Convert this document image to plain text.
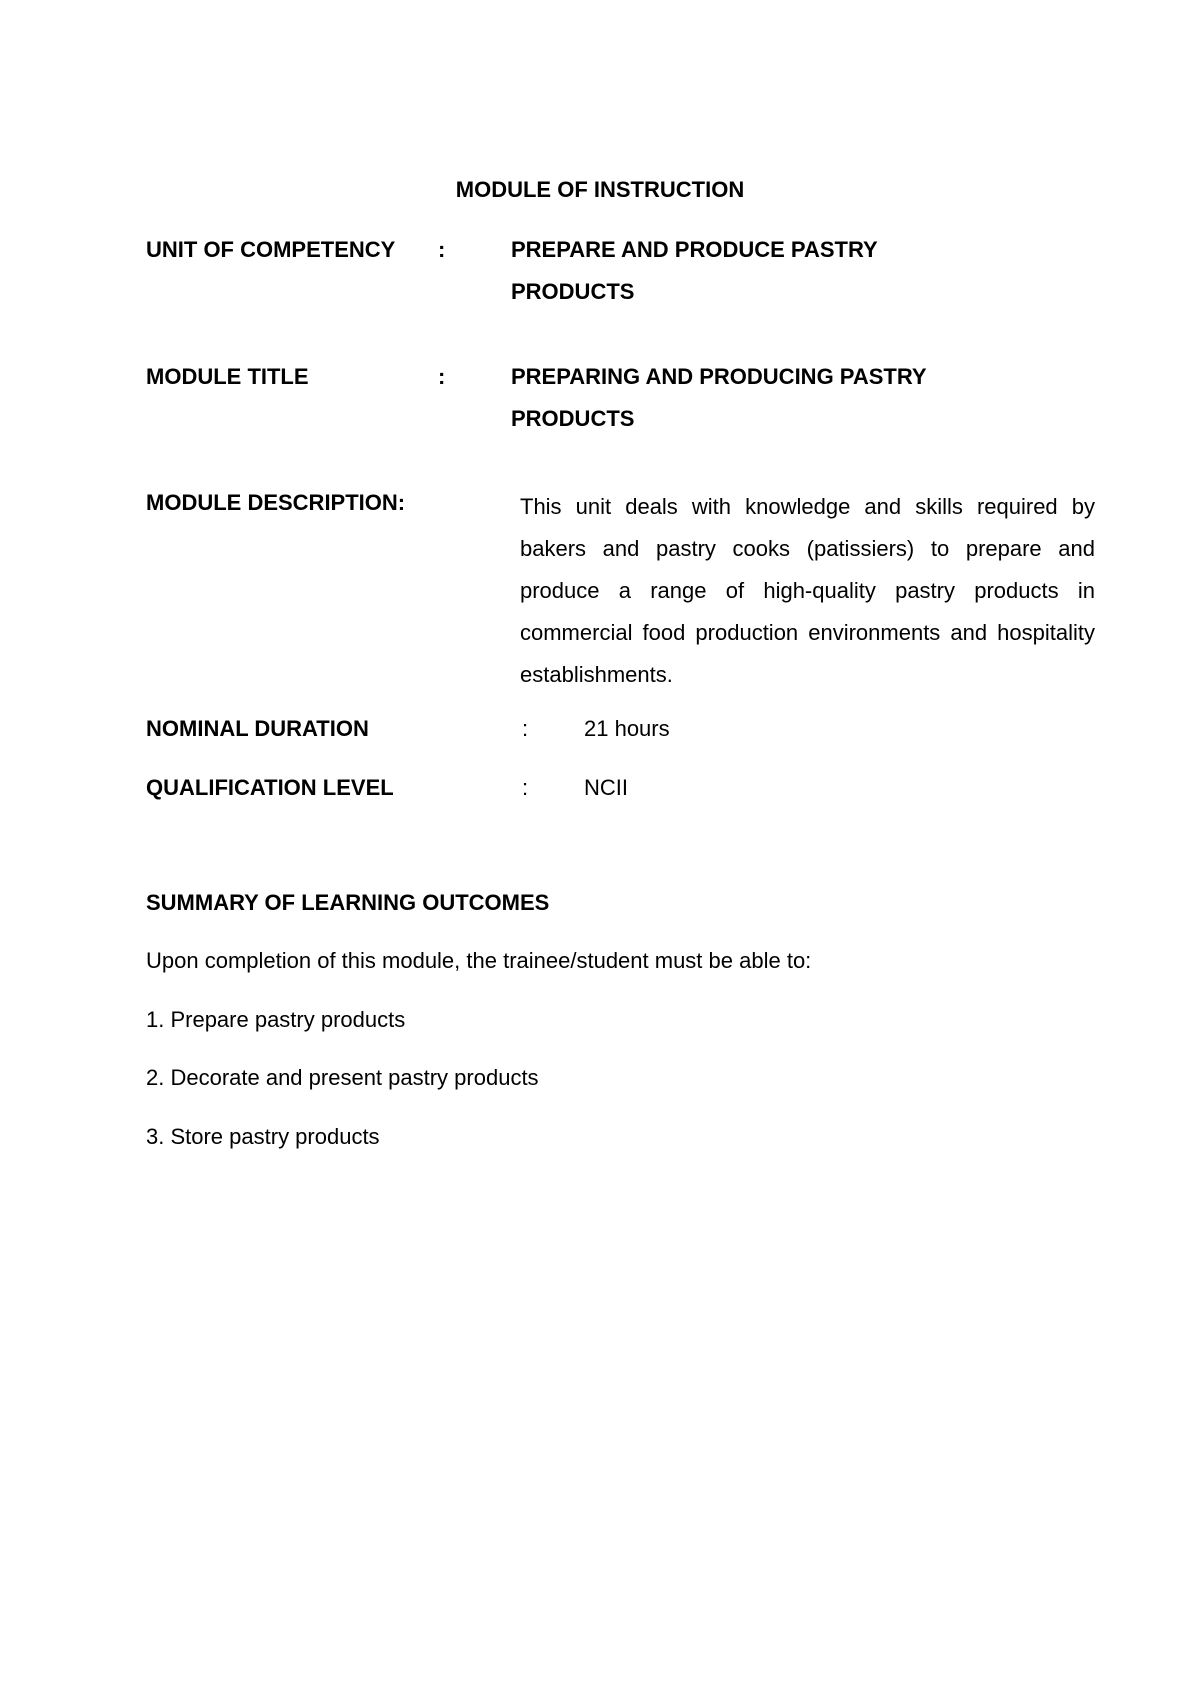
MODULE OF INSTRUCTION
UNIT OF COMPETENCY :	PREPARE AND PRODUCE PASTRY
PRODUCTS
MODULE TITLE	:	PREPARING AND PRODUCING PASTRY
PRODUCTS
MODULE DESCRIPTION:	This unit deals with knowledge and skills required by bakers and pastry cooks (patissiers) to prepare and produce a range of high-quality pastry products in commercial food production environments and hospitality establishments.
NOMINAL DURATION	:	21 hours
QUALIFICATION LEVEL	:	NCII
SUMMARY OF LEARNING OUTCOMES
Upon completion of this module, the trainee/student must be able to:
1. Prepare pastry products
2. Decorate and present pastry products
3. Store pastry products
